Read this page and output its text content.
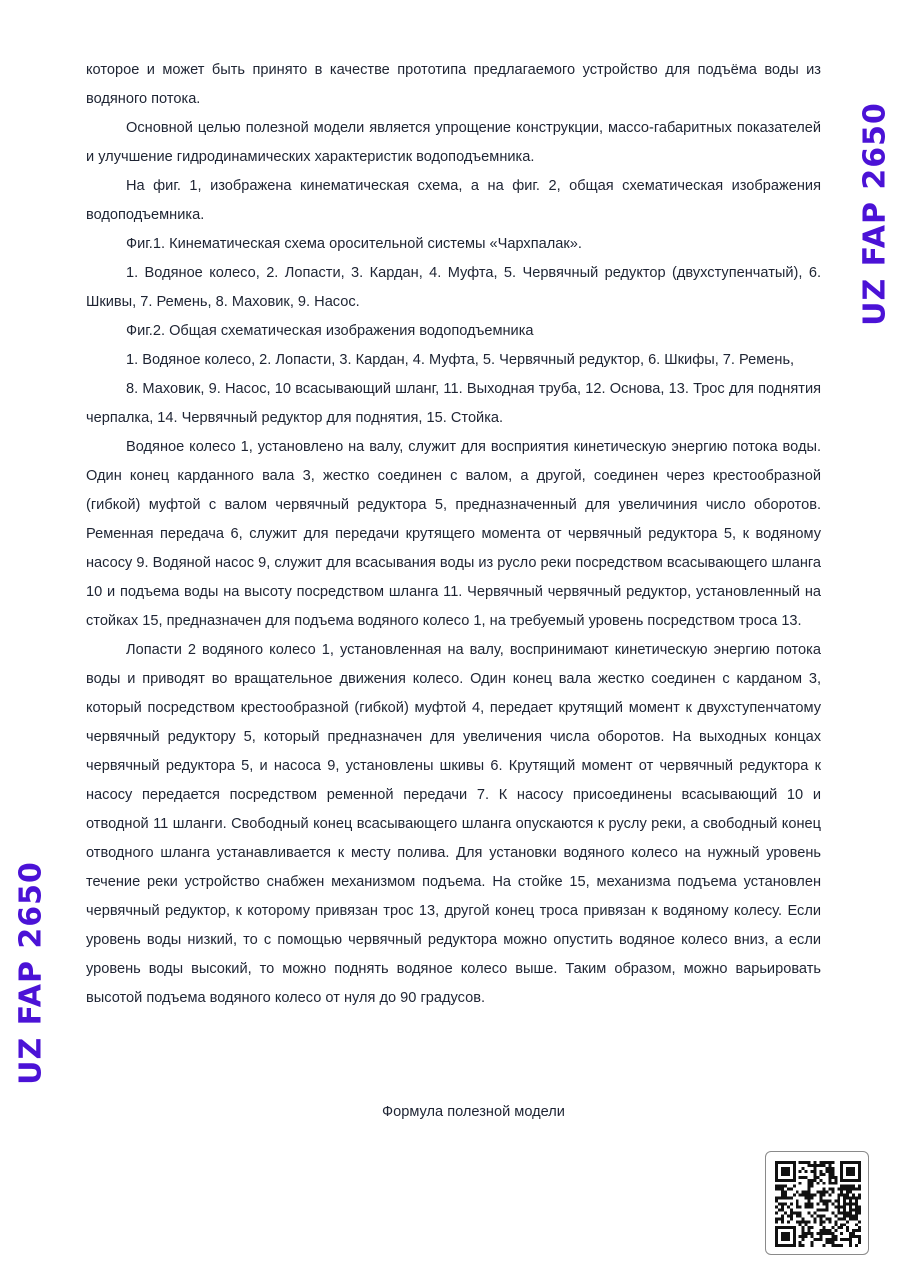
UZ FAP 2650
UZ FAP 2650

которое и может быть принято в качестве прототипа предлагаемого устройство для подъёма воды из водяного потока.

Основной целью полезной модели является упрощение конструкции, массо-габаритных показателей и улучшение гидродинамических характеристик водоподъемника.

На фиг. 1, изображена кинематическая схема, а на фиг. 2, общая схематическая изображения водоподъемника.

Фиг.1. Кинематическая схема оросительной системы «Чархпалак».

1. Водяное колесо, 2. Лопасти, 3. Кардан, 4. Муфта, 5. Червячный редуктор (двухступенчатый), 6. Шкивы, 7. Ремень, 8. Маховик, 9. Насос.

Фиг.2. Общая схематическая изображения водоподъемника

1. Водяное колесо, 2. Лопасти, 3. Кардан, 4. Муфта, 5. Червячный редуктор, 6. Шкифы, 7. Ремень,

8. Маховик, 9. Насос, 10 всасывающий шланг, 11. Выходная труба, 12. Основа, 13. Трос для поднятия черпалка, 14. Червячный редуктор для поднятия, 15. Стойка.

Водяное колесо 1, установлено на валу, служит для восприятия кинетическую энергию потока воды. Один конец карданного вала 3, жестко соединен с валом, а другой, соединен через крестообразной (гибкой) муфтой с валом червячный редуктора 5, предназначенный для увеличиния число оборотов. Ременная передача 6, служит для передачи крутящего момента от червячный редуктора 5, к водяному насосу 9. Водяной насос 9, служит для всасывания воды из русло реки посредством всасывающего шланга 10 и подъема воды на высоту посредством шланга 11. Червячный червячный редуктор, установленный на стойках 15, предназначен для подъема водяного колесо 1, на требуемый уровень посредством троса 13.

Лопасти 2 водяного колесо 1, установленная на валу, воспринимают кинетическую энергию потока воды и приводят во вращательное движения колесо. Один конец вала жестко соединен с карданом 3, который посредством крестообразной (гибкой) муфтой 4, передает крутящий момент к двухступенчатому червячный редуктору 5, который предназначен для увеличения числа оборотов. На выходных концах червячный редуктора 5, и насоса 9, установлены шкивы 6. Крутящий момент от червячный редуктора к насосу передается посредством ременной передачи 7. К насосу присоединены всасывающий 10 и отводной 11 шланги. Свободный конец всасывающего шланга опускаются к руслу реки, а свободный конец отводного шланга устанавливается к месту полива. Для установки водяного колесо на нужный уровень течение реки устройство снабжен механизмом подъема. На стойке 15, механизма подъема установлен червячный редуктор, к которому привязан трос 13, другой конец троса привязан к водяному колесу. Если уровень воды низкий, то с помощью червячный редуктора можно опустить водяное колесо вниз, а если уровень воды высокий, то можно поднять водяное колесо выше. Таким образом, можно варьировать высотой подъема водяного колесо от нуля до 90 градусов.

Формула полезной модели
